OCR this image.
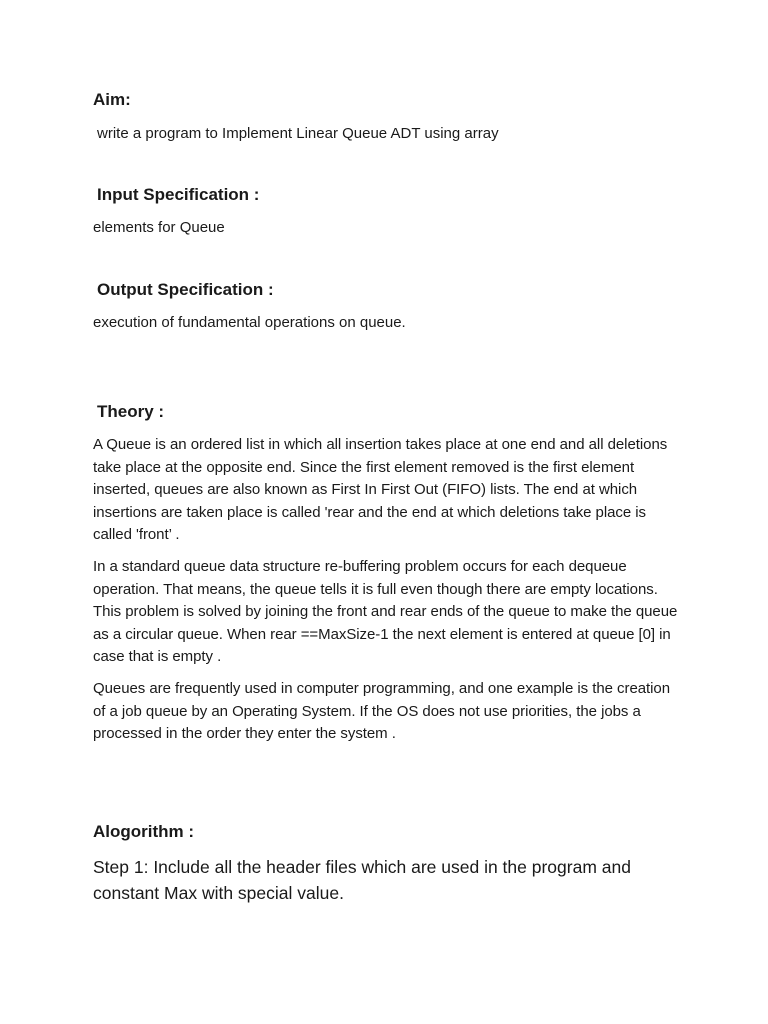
Aim:
write a program to Implement Linear Queue ADT using array
Input Specification :
elements for Queue
Output Specification :
execution of fundamental operations on queue.
Theory :

A Queue is an ordered list in which all insertion takes place at one end and all deletions take place at the opposite end. Since the first element removed is the first element inserted, queues are also known as First In First Out (FIFO) lists. The end at which insertions are taken place is called 'rear and the end at which deletions take place is called 'front’ .

In a standard queue data structure re-buffering problem occurs for each dequeue operation. That means, the queue tells it is full even though there are empty locations. This problem is solved by joining the front and rear ends of the queue to make the queue as a circular queue. When rear ==MaxSize-1 the next element is entered at queue [0] in case that is empty .

Queues are frequently used in computer programming, and one example is the creation of a job queue by an Operating System. If the OS does not use priorities, the jobs a processed in the order they enter the system .

Alogorithm :

Step 1: Include all the header files which are used in the program and constant Max with special value.
